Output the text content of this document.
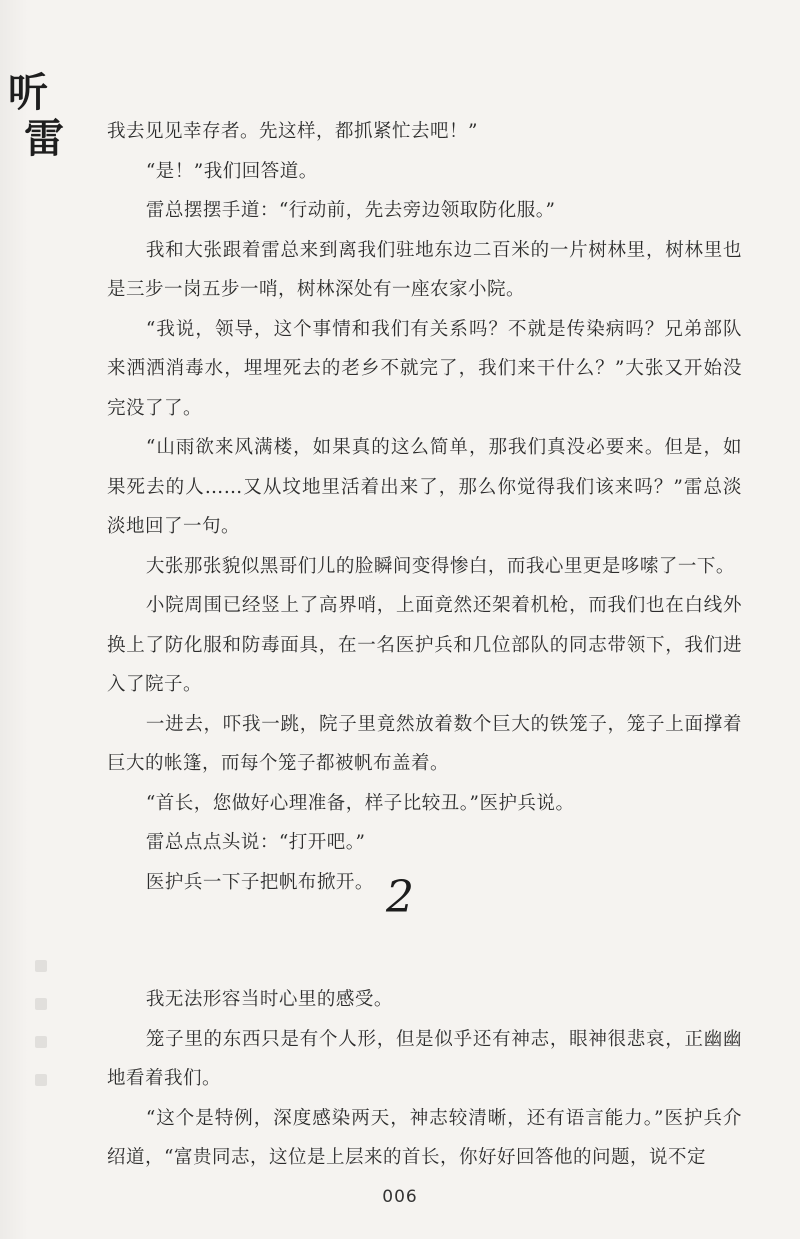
听
雷	我去见见幸存者。先这样，都抓紧忙去吧！”

“是！”我们回答道。

雷总摆摆手道：“行动前，先去旁边领取防化服。”

我和大张跟着雷总来到离我们驻地东边二百米的一片树林里，树林里也是三步一岗五步一哨，树林深处有一座农家小院。

“我说，领导，这个事情和我们有关系吗？不就是传染病吗？兄弟部队来洒洒消毒水，埋埋死去的老乡不就完了，我们来干什么？”大张又开始没完没了了。

“山雨欲来风满楼，如果真的这么简单，那我们真没必要来。但是，如果死去的人……又从坟地里活着出来了，那么你觉得我们该来吗？”雷总淡淡地回了一句。

大张那张貌似黑哥们儿的脸瞬间变得惨白，而我心里更是哆嗦了一下。

小院周围已经竖上了高界哨，上面竟然还架着机枪，而我们也在白线外换上了防化服和防毒面具，在一名医护兵和几位部队的同志带领下，我们进入了院子。

一进去，吓我一跳，院子里竟然放着数个巨大的铁笼子，笼子上面撑着巨大的帐篷，而每个笼子都被帆布盖着。

“首长，您做好心理准备，样子比较丑。”医护兵说。

雷总点点头说：“打开吧。”

医护兵一下子把帆布掀开。 2

我无法形容当时心里的感受。

笼子里的东西只是有个人形，但是似乎还有神志，眼神很悲哀，正幽幽地看着我们。

“这个是特例，深度感染两天，神志较清晰，还有语言能力。”医护兵介绍道，“富贵同志，这位是上层来的首长，你好好回答他的问题，说不定

006
